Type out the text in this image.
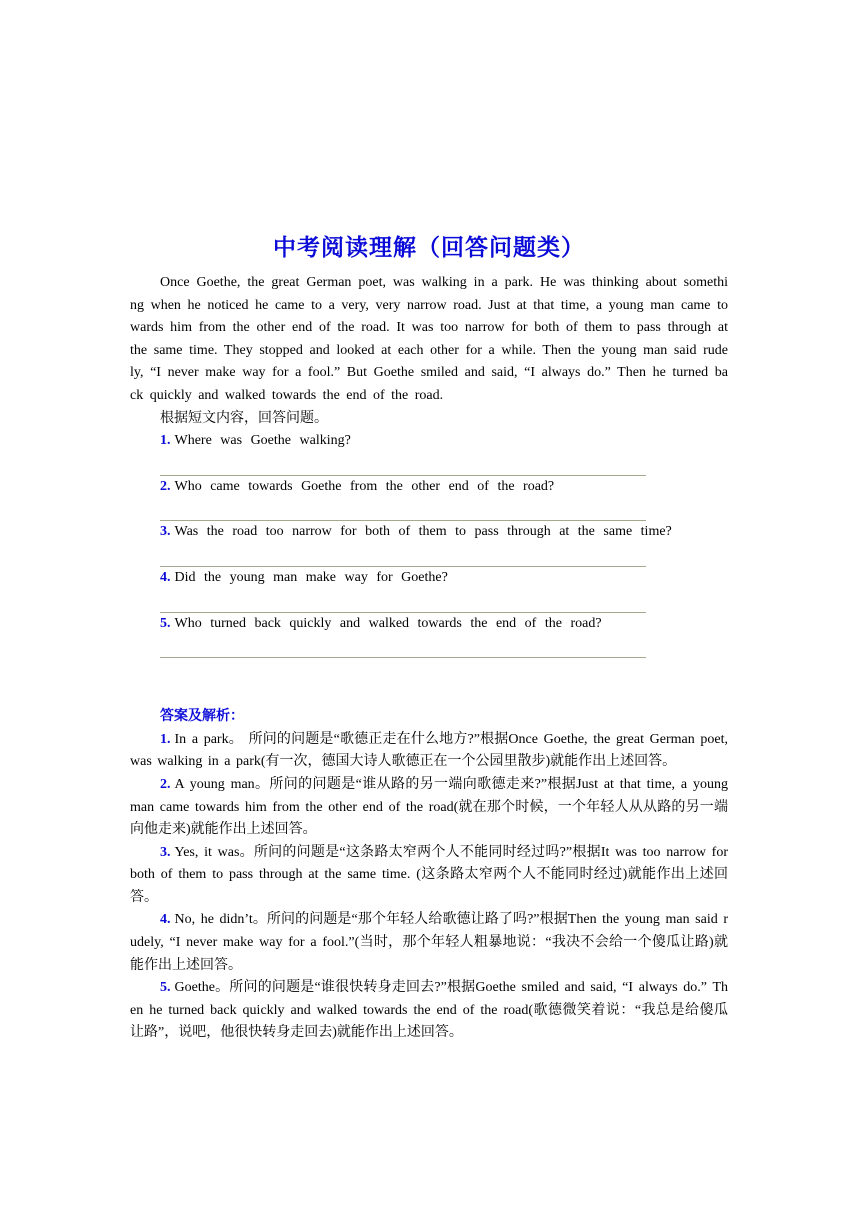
中考阅读理解（回答问题类）

Once Goethe, the great German poet, was walking in a park. He was thinking about something when he noticed he came to a very, very narrow road. Just at that time, a young man came towards him from the other end of the road. It was too narrow for both of them to pass through at the same time. They stopped and looked at each other for a while. Then the young man said rudely, “I never make way for a fool.” But Goethe smiled and said, “I always do.” Then he turned back quickly and walked towards the end of the road.

根据短文内容，回答问题。

1. Where was Goethe walking?

2. Who came towards Goethe from the other end of the road?

3. Was the road too narrow for both of them to pass through at the same time?

4. Did the young man make way for Goethe?

5. Who turned back quickly and walked towards the end of the road?

答案及解析：

1. In a park。 所问的问题是“歌德正走在什么地方?”根据Once Goethe, the great German poet, was walking in a park(有一次，德国大诗人歌德正在一个公园里散步)就能作出上述回答。

2. A young man。所问的问题是“谁从路的另一端向歌德走来?”根据Just at that time, a young man came towards him from the other end of the road(就在那个时候，一个年轻人从从路的另一端向他走来)就能作出上述回答。

3. Yes, it was。所问的问题是“这条路太窄两个人不能同时经过吗?”根据It was too narrow for both of them to pass through at the same time. (这条路太窄两个人不能同时经过)就能作出上述回答。

4. No, he didn’t。所问的问题是“那个年轻人给歌德让路了吗?”根据Then the young man said rudely, “I never make way for a fool.”(当时，那个年轻人粗暴地说：“我决不会给一个傻瓜让路)就能作出上述回答。

5. Goethe。所问的问题是“谁很快转身走回去?”根据Goethe smiled and said, “I always do.” Then he turned back quickly and walked towards the end of the road(歌德微笑着说：“我总是给傻瓜让路”，说吧，他很快转身走回去)就能作出上述回答。
